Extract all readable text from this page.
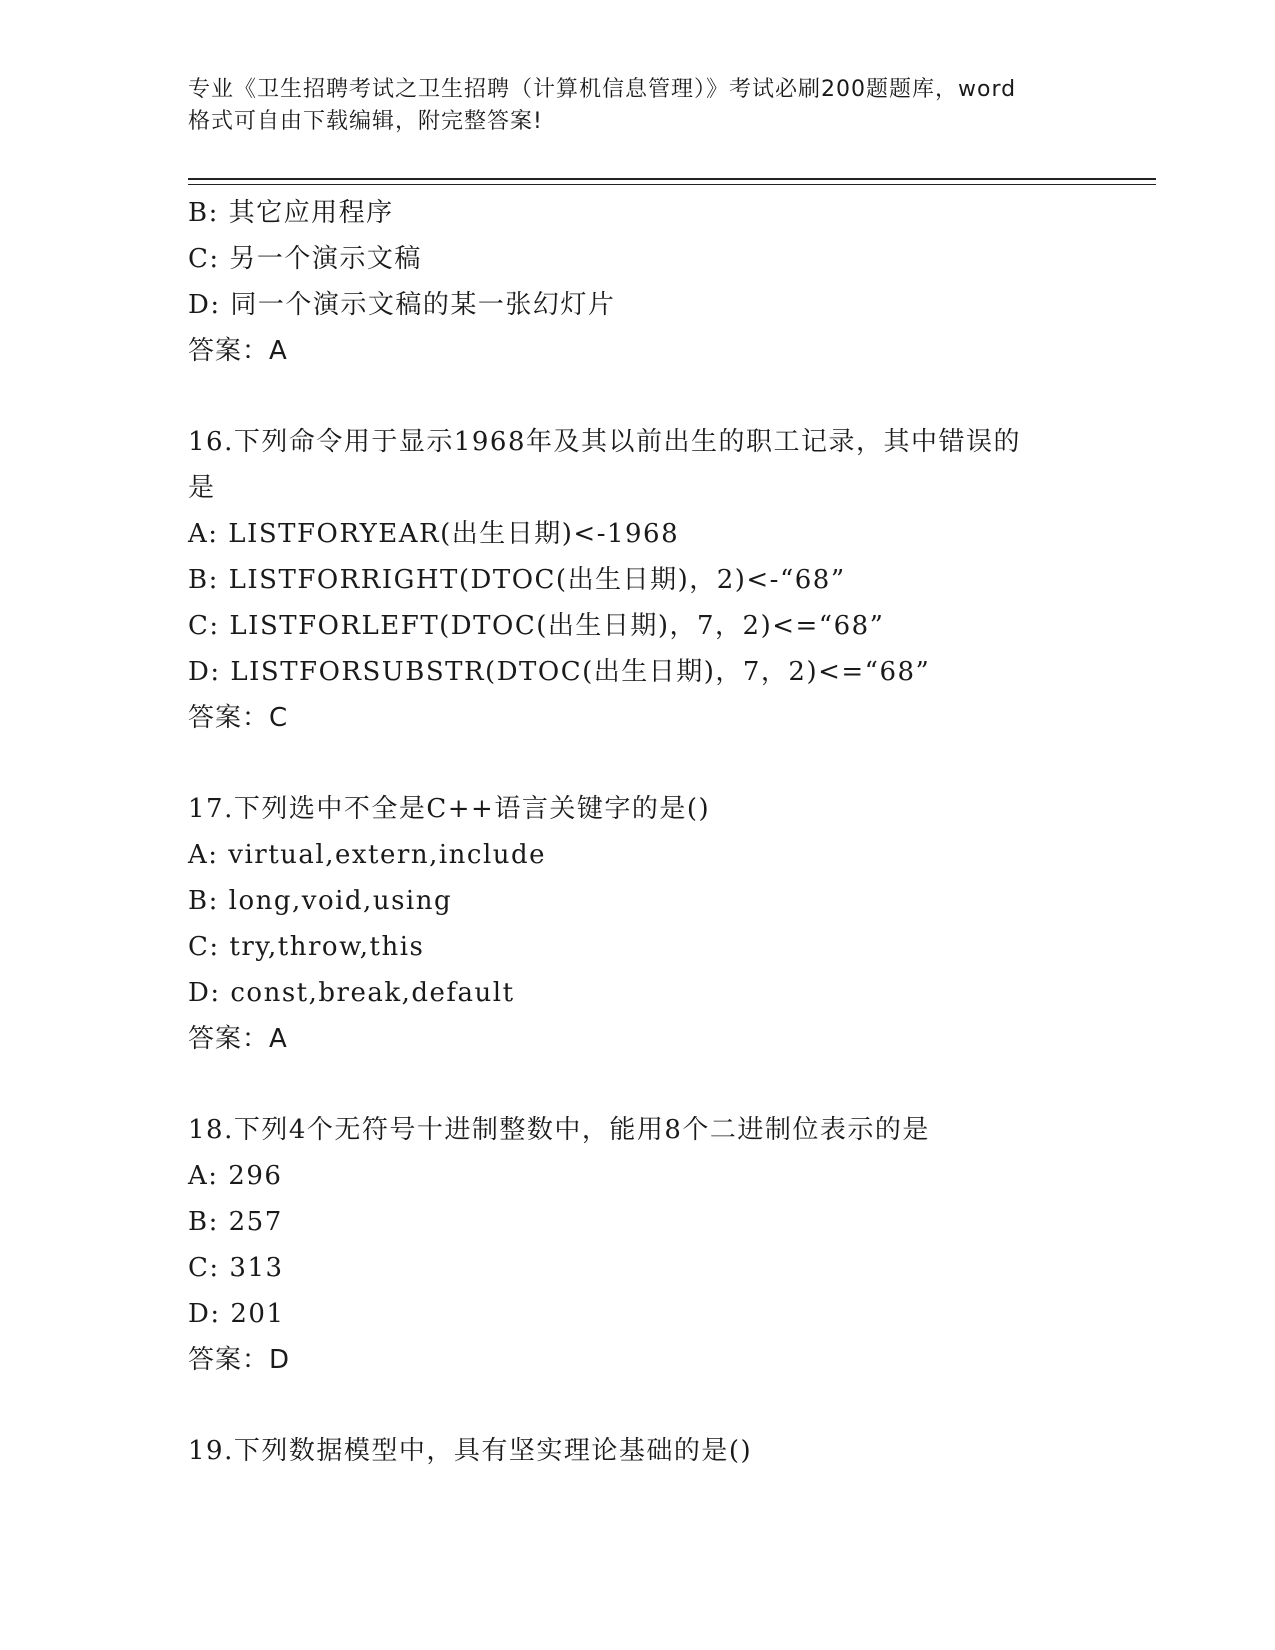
专业《卫生招聘考试之卫生招聘（计算机信息管理）》考试必刷200题题库，word
格式可自由下载编辑，附完整答案!
B: 其它应用程序
C: 另一个演示文稿
D: 同一个演示文稿的某一张幻灯片
答案：A
16.下列命令用于显示1968年及其以前出生的职工记录，其中错误的
是
A: LISTFORYEAR(出生日期)<-1968
B: LISTFORRIGHT(DTOC(出生日期)，2)<-“68”
C: LISTFORLEFT(DTOC(出生日期)，7，2)<=“68”
D: LISTFORSUBSTR(DTOC(出生日期)，7，2)<=“68”
答案：C
17.下列选中不全是C++语言关键字的是()
A: virtual,extern,include
B: long,void,using
C: try,throw,this
D: const,break,default
答案：A
18.下列4个无符号十进制整数中，能用8个二进制位表示的是
A: 296
B: 257
C: 313
D: 201
答案：D
19.下列数据模型中，具有坚实理论基础的是()
